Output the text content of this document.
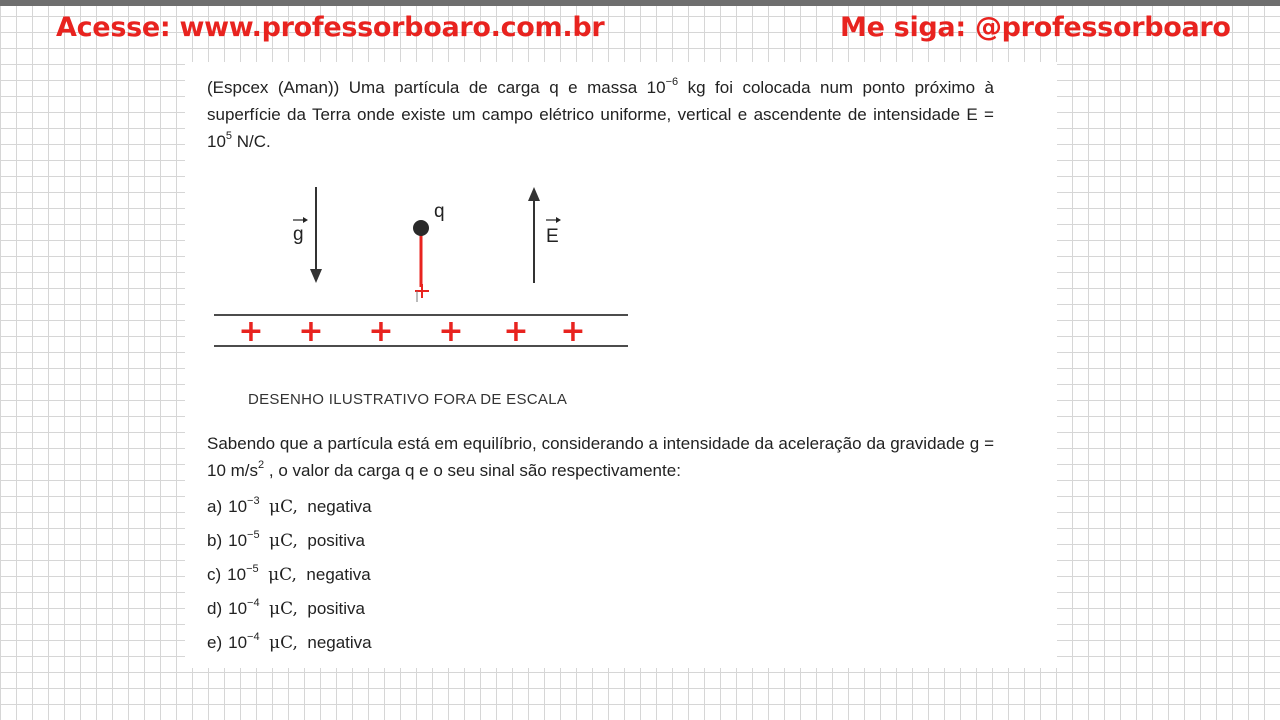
Acesse: www.professorboaro.com.br	Me siga: @professorboaro
(Espcex (Aman)) Uma partícula de carga q e massa $10^{-6}$ kg foi colocada num ponto próximo à superfície da Terra onde existe um campo elétrico uniforme, vertical e ascendente de intensidade $E = 10^5$ N/C.
g
q
E
+ + + + + +
DESENHO ILUSTRATIVO FORA DE ESCALA
Sabendo que a partícula está em equilíbrio, considerando a intensidade da aceleração da gravidade g = 10 $m/s^2$ , o valor da carga q e o seu sinal são respectivamente:
a) $10^{-3}$ μC, negativa
b) $10^{-5}$ μC, positiva
c) $10^{-5}$ μC, negativa
d) $10^{-4}$ μC, positiva
e) $10^{-4}$ μC, negativa
